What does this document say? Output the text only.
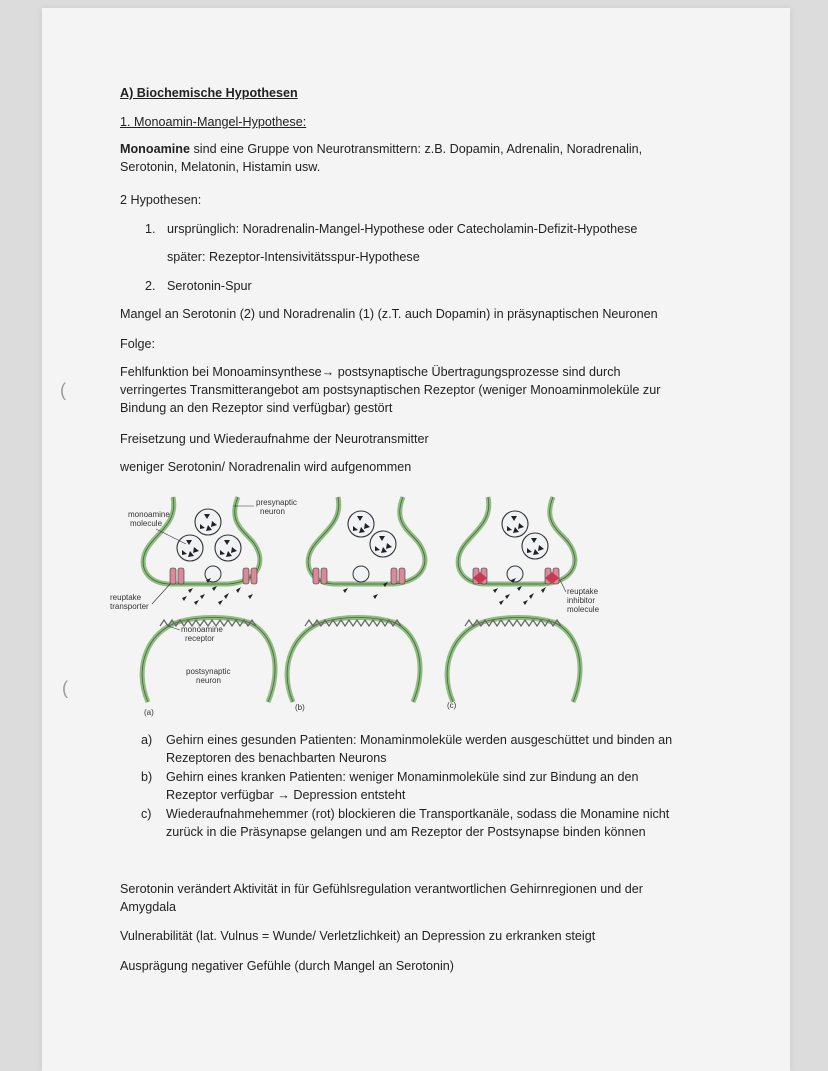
(
(

A) Biochemische Hypothesen

1. Monoamin-Mangel-Hypothese:

Monoamine sind eine Gruppe von Neurotransmittern: z.B. Dopamin, Adrenalin, Noradrenalin,
Serotonin, Melatonin, Histamin usw.

2 Hypothesen:

1. ursprünglich: Noradrenalin-Mangel-Hypothese oder Catecholamin-Defizit-Hypothese

später: Rezeptor-Intensivitätsspur-Hypothese

2. Serotonin-Spur

Mangel an Serotonin (2) und Noradrenalin (1) (z.T. auch Dopamin) in präsynaptischen Neuronen

Folge:

Fehlfunktion bei Monoaminsynthese→ postsynaptische Übertragungsprozesse sind durch
verringertes Transmitterangebot am postsynaptischen Rezeptor (weniger Monoaminmoleküle zur
Bindung an den Rezeptor sind verfügbar) gestört

Freisetzung und Wiederaufnahme der Neurotransmitter

weniger Serotonin/ Noradrenalin wird aufgenommen

monoamine
molecule
presynaptic
neuron
reuptake
transporter
monoamine
receptor
postsynaptic
neuron
(a)
(b)
reuptake
inhibitor
molecule
(c)
a) Gehirn eines gesunden Patienten: Monaminmoleküle werden ausgeschüttet und binden an
Rezeptoren des benachbarten Neurons

b) Gehirn eines kranken Patienten: weniger Monaminmoleküle sind zur Bindung an den
Rezeptor verfügbar → Depression entsteht

c) Wiederaufnahmehemmer (rot) blockieren die Transportkanäle, sodass die Monamine nicht
zurück in die Präsynapse gelangen und am Rezeptor der Postsynapse binden können

Serotonin verändert Aktivität in für Gefühlsregulation verantwortlichen Gehirnregionen und der
Amygdala

Vulnerabilität (lat. Vulnus = Wunde/ Verletzlichkeit) an Depression zu erkranken steigt

Ausprägung negativer Gefühle (durch Mangel an Serotonin)
